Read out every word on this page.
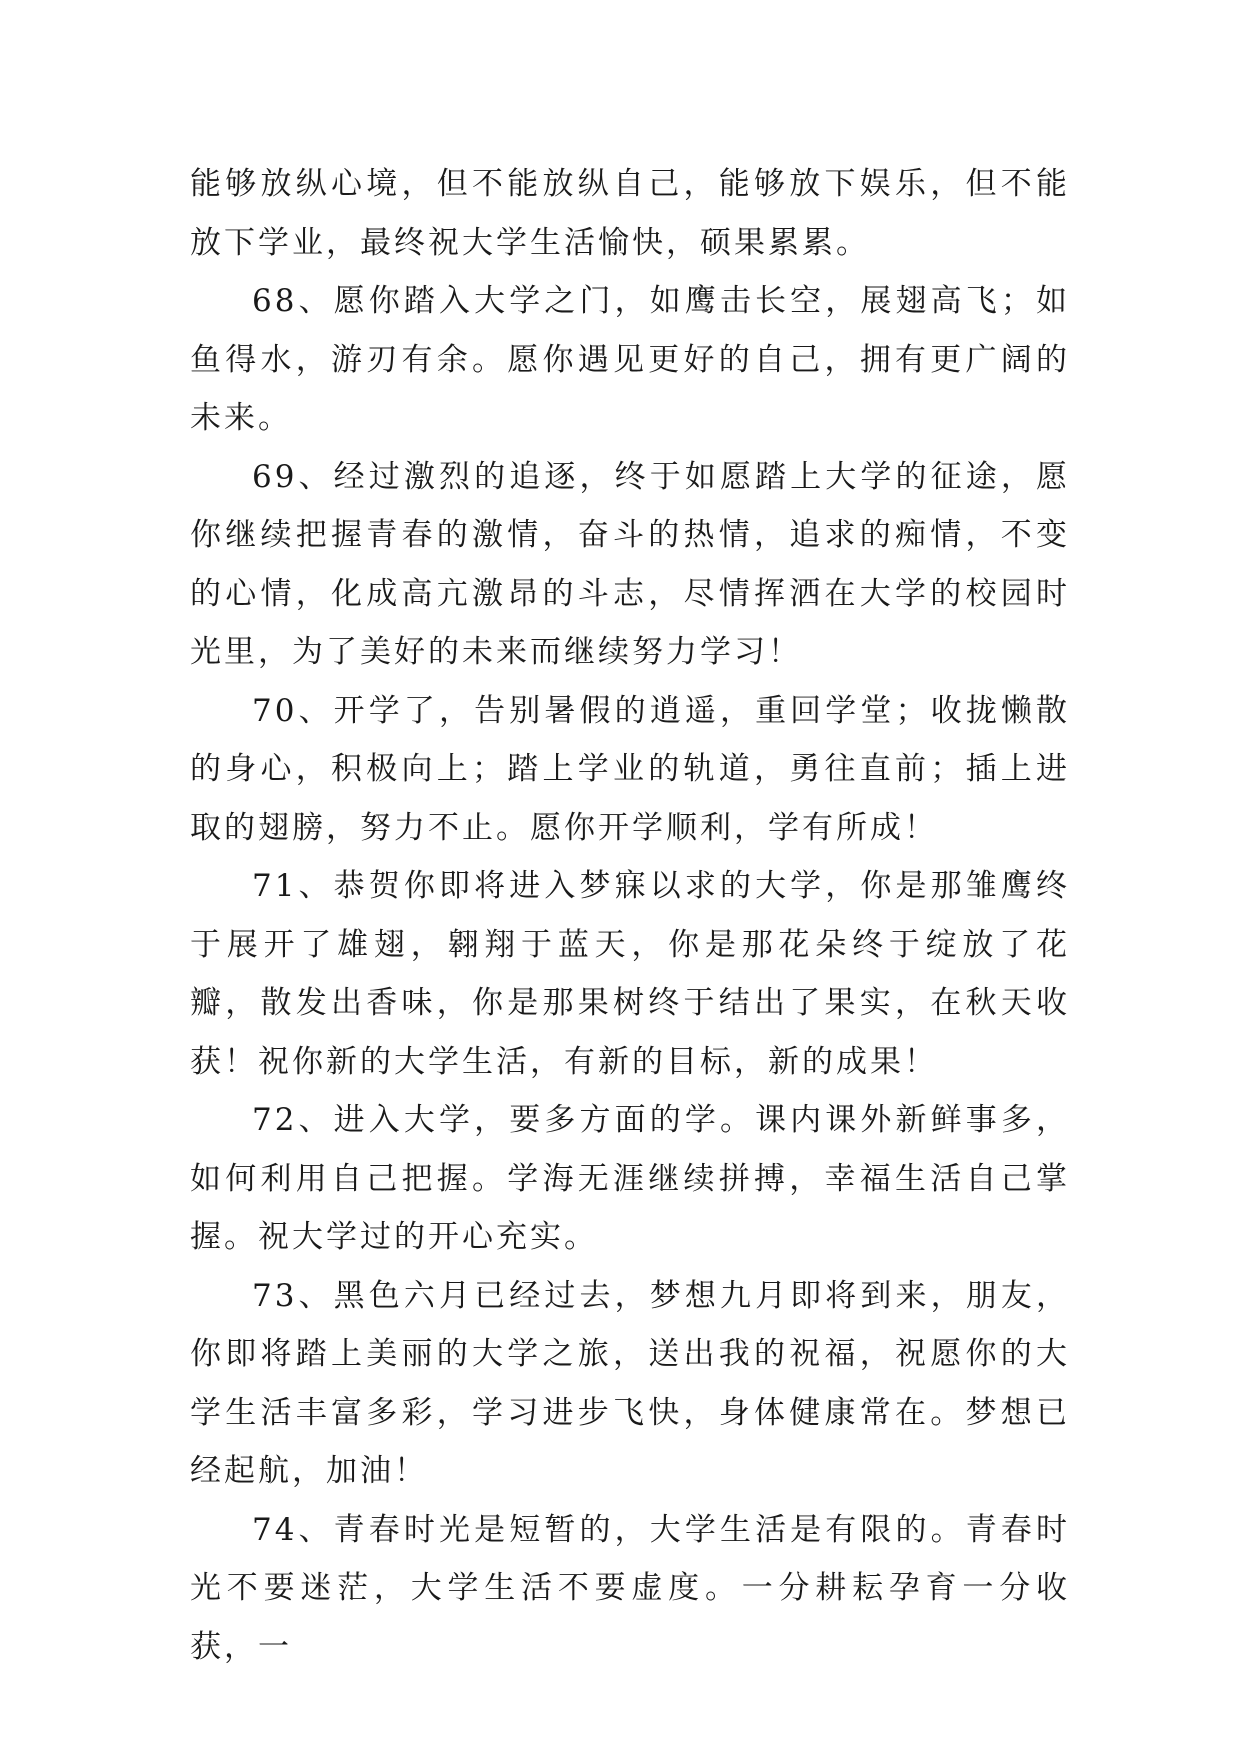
能够放纵心境，但不能放纵自己，能够放下娱乐，但不能放下学业，最终祝大学生活愉快，硕果累累。

68、愿你踏入大学之门，如鹰击长空，展翅高飞；如鱼得水，游刃有余。愿你遇见更好的自己，拥有更广阔的未来。

69、经过激烈的追逐，终于如愿踏上大学的征途，愿你继续把握青春的激情，奋斗的热情，追求的痴情，不变的心情，化成高亢激昂的斗志，尽情挥洒在大学的校园时光里，为了美好的未来而继续努力学习！

70、开学了，告别暑假的逍遥，重回学堂；收拢懒散的身心，积极向上；踏上学业的轨道，勇往直前；插上进取的翅膀，努力不止。愿你开学顺利，学有所成！

71、恭贺你即将进入梦寐以求的大学，你是那雏鹰终于展开了雄翅，翱翔于蓝天，你是那花朵终于绽放了花瓣，散发出香味，你是那果树终于结出了果实，在秋天收获！祝你新的大学生活，有新的目标，新的成果！

72、进入大学，要多方面的学。课内课外新鲜事多，如何利用自己把握。学海无涯继续拼搏，幸福生活自己掌握。祝大学过的开心充实。

73、黑色六月已经过去，梦想九月即将到来，朋友，你即将踏上美丽的大学之旅，送出我的祝福，祝愿你的大学生活丰富多彩，学习进步飞快，身体健康常在。梦想已经起航，加油！

74、青春时光是短暂的，大学生活是有限的。青春时光不要迷茫，大学生活不要虚度。一分耕耘孕育一分收获，一
